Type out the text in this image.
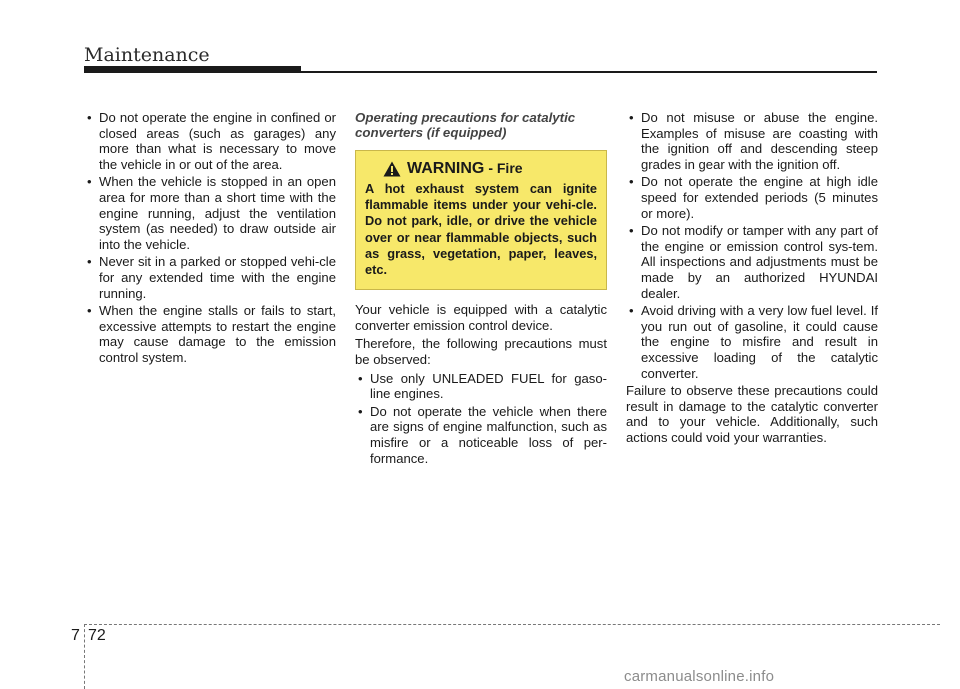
Maintenance
• Do not operate the engine in confined or closed areas (such as garages) any more than what is necessary to move the vehicle in or out of the area.
• When the vehicle is stopped in an open area for more than a short time with the engine running, adjust the ventilation system (as needed) to draw outside air into the vehicle.
• Never sit in a parked or stopped vehi-cle for any extended time with the engine running.
• When the engine stalls or fails to start, excessive attempts to restart the engine may cause damage to the emission control system.
Operating precautions for catalytic converters (if equipped)
WARNING - Fire
A hot exhaust system can ignite flammable items under your vehi-cle. Do not park, idle, or drive the vehicle over or near flammable objects, such as grass, vegetation, paper, leaves, etc.

Your vehicle is equipped with a catalytic converter emission control device.

Therefore, the following precautions must be observed:

• Use only UNLEADED FUEL for gaso-line engines.
• Do not operate the vehicle when there are signs of engine malfunction, such as misfire or a noticeable loss of per-formance.
• Do not misuse or abuse the engine. Examples of misuse are coasting with the ignition off and descending steep grades in gear with the ignition off.
• Do not operate the engine at high idle speed for extended periods (5 minutes or more).
• Do not modify or tamper with any part of the engine or emission control sys-tem. All inspections and adjustments must be made by an authorized HYUNDAI dealer.
• Avoid driving with a very low fuel level. If you run out of gasoline, it could cause the engine to misfire and result in excessive loading of the catalytic converter.

Failure to observe these precautions could result in damage to the catalytic converter and to your vehicle. Additionally, such actions could void your warranties.

7 72
carmanualsonline.info
